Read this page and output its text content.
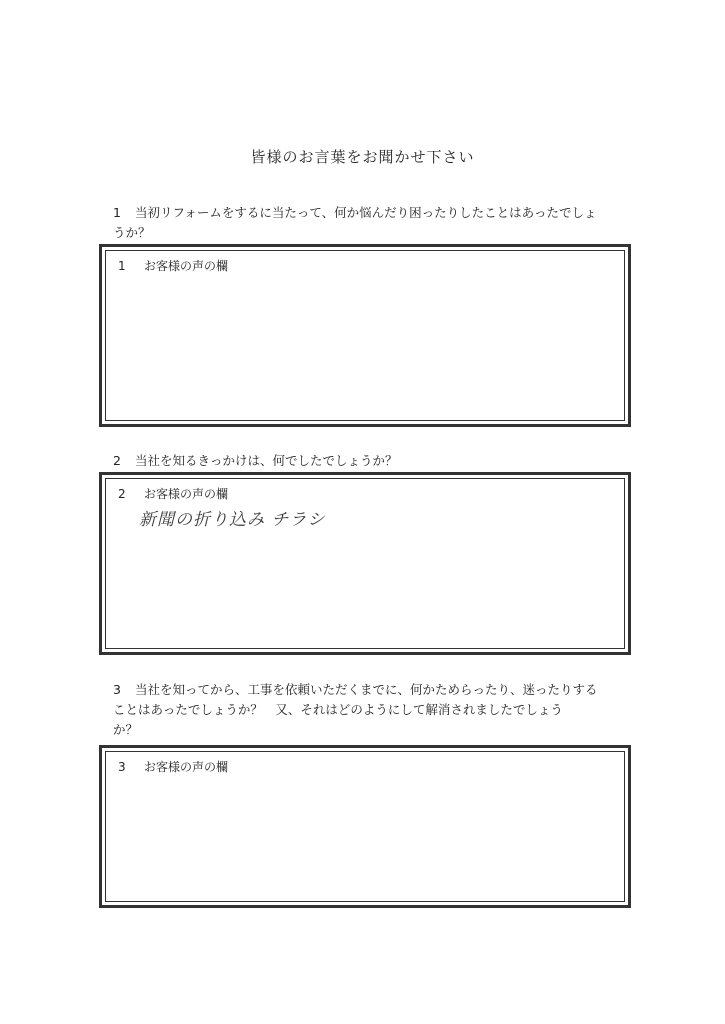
皆様のお言葉をお聞かせ下さい
1 当初リフォームをするに当たって、何か悩んだり困ったりしたことはあったでしょ
うか？
1 お客様の声の欄
2 当社を知るきっかけは、何でしたでしょうか？
2 お客様の声の欄
新聞の折り込み チラシ
3 当社を知ってから、工事を依頼いただくまでに、何かためらったり、迷ったりする
ことはあったでしょうか？　又、それはどのようにして解消されましたでしょう
か？
3 お客様の声の欄
